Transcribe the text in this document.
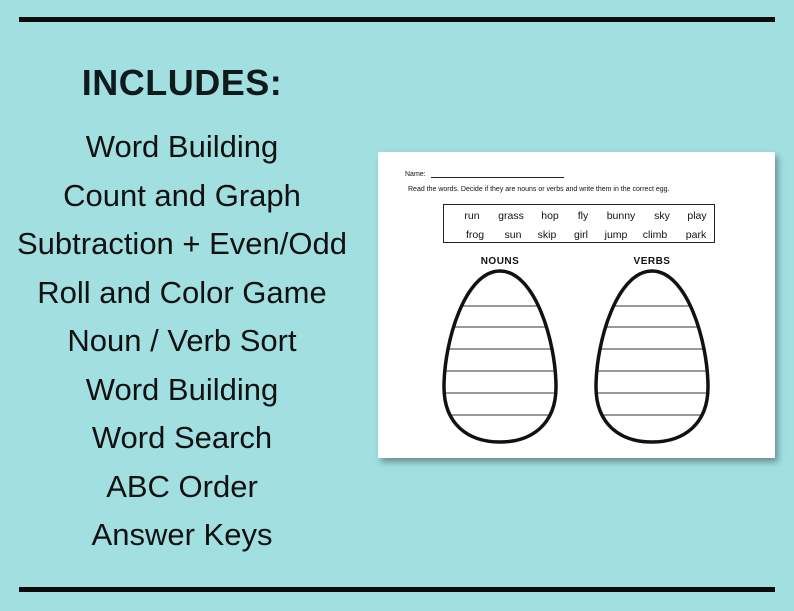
INCLUDES:
Word Building
Count and Graph
Subtraction + Even/Odd
Roll and Color Game
Noun / Verb Sort
Word Building
Word Search
ABC Order
Answer Keys
Name:
Read the words. Decide if they are nouns or verbs and write them in the correct egg.
run grass hop fly bunny sky play
frog sun skip girl jump climb park
NOUNS	VERBS
